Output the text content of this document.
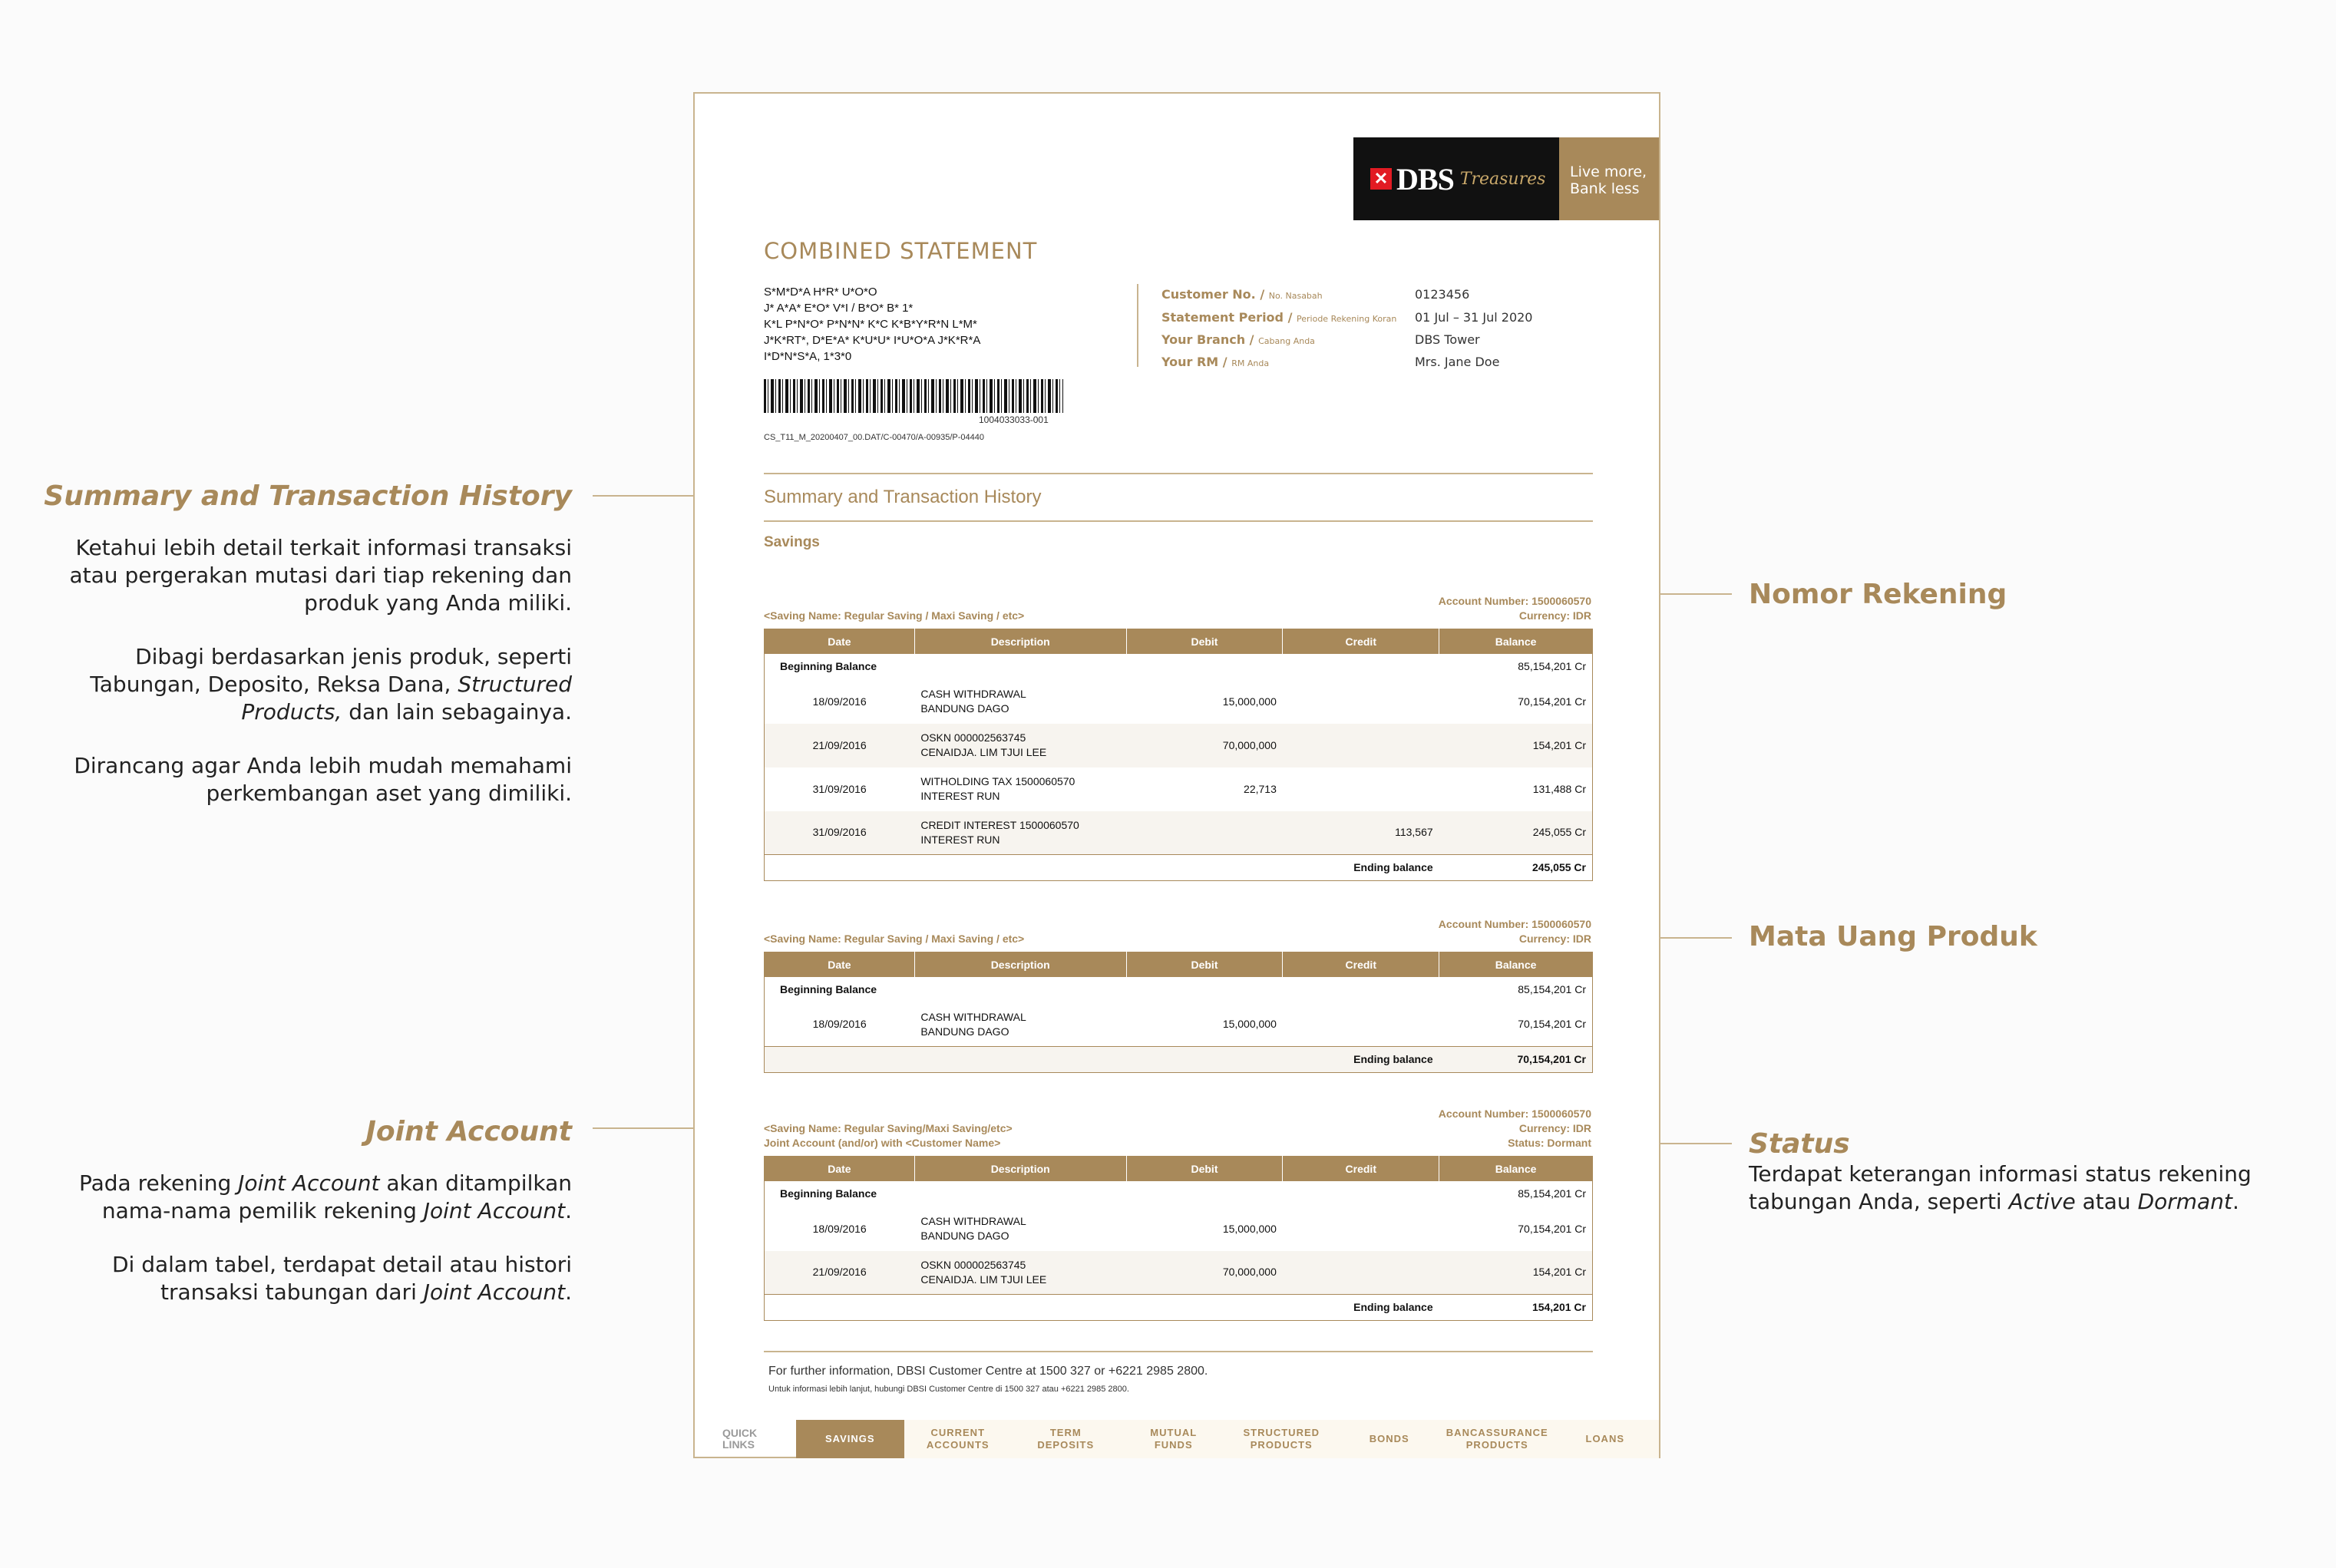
Summary and Transaction History

Ketahui lebih detail terkait informasi transaksi atau pergerakan mutasi dari tiap rekening dan produk yang Anda miliki.

Dibagi berdasarkan jenis produk, seperti Tabungan, Deposito, Reksa Dana, Structured Products, dan lain sebagainya.

Dirancang agar Anda lebih mudah memahami perkembangan aset yang dimiliki.

Joint Account

Pada rekening Joint Account akan ditampilkan nama-nama pemilik rekening Joint Account.

Di dalam tabel, terdapat detail atau histori transaksi tabungan dari Joint Account.

Nomor Rekening
Mata Uang Produk
Status
Terdapat keterangan informasi status rekening tabungan Anda, seperti Active atau Dormant.
✕ DBS Treasures Live more,
Bank less
COMBINED STATEMENT
S*M*D*A H*R* U*O*O
J* A*A* E*O* V*I / B*O* B* 1*
K*L P*N*O* P*N*N* K*C K*B*Y*R*N L*M*
J*K*RT*, D*E*A* K*U*U* I*U*O*A J*K*R*A
I*D*N*S*A, 1*3*0
1004033033-001
CS_T11_M_20200407_00.DAT/C-00470/A-00935/P-04440
Customer No. / No. Nasabah	0123456
Statement Period / Periode Rekening Koran 01 Jul – 31 Jul 2020
Your Branch / Cabang Anda	DBS Tower
Your RM / RM Anda	Mrs. Jane Doe
Summary and Transaction History
Savings
Account Number: 1500060570
Currency: IDR
<Saving Name: Regular Saving / Maxi Saving / etc>
Date	Description	Debit	Credit	Balance
Beginning Balance				85,154,201 Cr
18/09/2016	CASH WITHDRAWAL
BANDUNG DAGO	15,000,000		70,154,201 Cr
21/09/2016	OSKN 000002563745
CENAIDJA. LIM TJUI LEE	70,000,000		154,201 Cr
31/09/2016	WITHOLDING TAX 1500060570
INTEREST RUN	22,713		131,488 Cr
31/09/2016	CREDIT INTEREST 1500060570
INTEREST RUN		113,567	245,055 Cr
Ending balance				245,055 Cr
Account Number: 1500060570
Currency: IDR
<Saving Name: Regular Saving / Maxi Saving / etc>
Date	Description	Debit	Credit	Balance
Beginning Balance				85,154,201 Cr
18/09/2016	CASH WITHDRAWAL
BANDUNG DAGO	15,000,000		70,154,201 Cr
Ending balance				70,154,201 Cr
Account Number: 1500060570
Currency: IDR
Status: Dormant
<Saving Name: Regular Saving/Maxi Saving/etc>
Joint Account (and/or) with <Customer Name>
Date	Description	Debit	Credit	Balance
Beginning Balance				85,154,201 Cr
18/09/2016	CASH WITHDRAWAL
BANDUNG DAGO	15,000,000		70,154,201 Cr
21/09/2016	OSKN 000002563745
CENAIDJA. LIM TJUI LEE	70,000,000		154,201 Cr
Ending balance				154,201 Cr
For further information, DBSI Customer Centre at 1500 327 or +6221 2985 2800.
Untuk informasi lebih lanjut, hubungi DBSI Customer Centre di 1500 327 atau +6221 2985 2800.
QUICK
LINKS	SAVINGS
CURRENT
ACCOUNTS
TERM
DEPOSITS
MUTUAL
FUNDS
STRUCTURED
PRODUCTS
BONDS
BANCASSURANCE
PRODUCTS
LOANS
